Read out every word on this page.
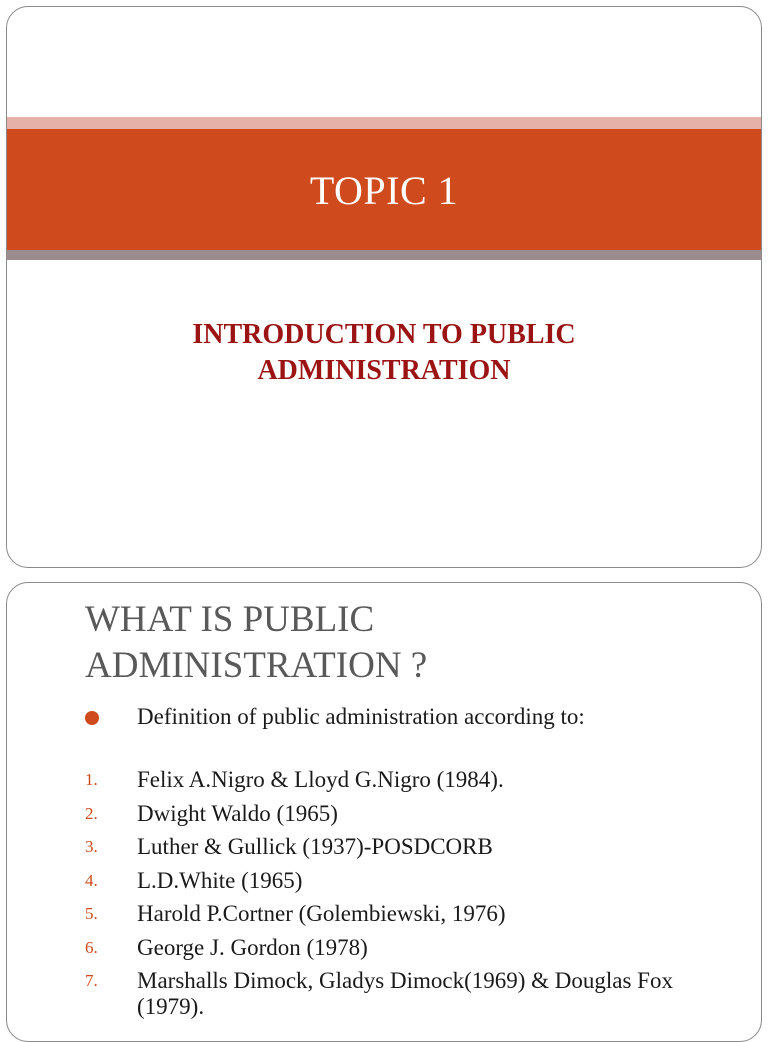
TOPIC 1
INTRODUCTION TO PUBLIC
ADMINISTRATION
WHAT IS PUBLIC
ADMINISTRATION ?
Definition of public administration according to:
1.	Felix A.Nigro & Lloyd G.Nigro (1984).
2.	Dwight Waldo (1965)
3.	Luther & Gullick (1937)-POSDCORB
4.	L.D.White (1965)
5.	Harold P.Cortner (Golembiewski, 1976)
6.	George J. Gordon (1978)
7.	Marshalls Dimock, Gladys Dimock(1969) & Douglas Fox (1979).
